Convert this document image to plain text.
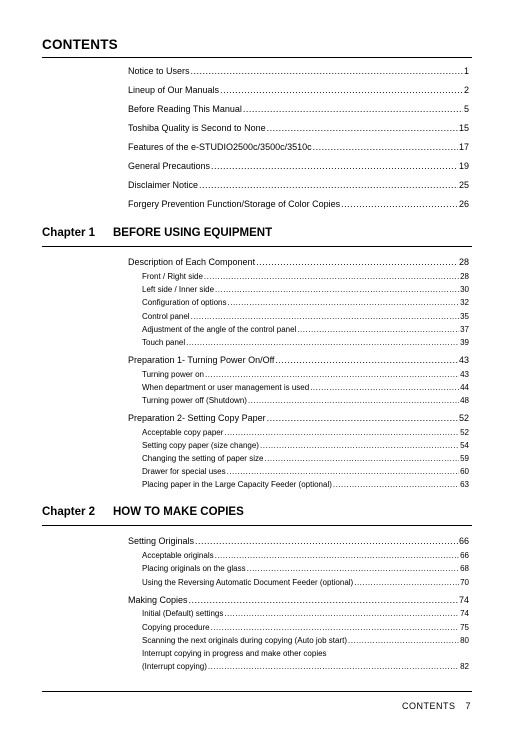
CONTENTS
Notice to Users .....	1
Lineup of Our Manuals .....	2
Before Reading This Manual .....	5
Toshiba Quality is Second to None .....	15
Features of the e-STUDIO2500c/3500c/3510c .....	17
General Precautions .....	19
Disclaimer Notice .....	25
Forgery Prevention Function/Storage of Color Copies .....	26
Chapter 1 BEFORE USING EQUIPMENT
Description of Each Component .....	28
Front / Right side .....	28
Left side / Inner side .....	30
Configuration of options .....	32
Control panel .....	35
Adjustment of the angle of the control panel .....	37
Touch panel .....	39
Preparation 1- Turning Power On/Off .....	43
Turning power on .....	43
When department or user management is used .....	44
Turning power off (Shutdown) .....	48
Preparation 2- Setting Copy Paper .....	52
Acceptable copy paper .....	52
Setting copy paper (size change) .....	54
Changing the setting of paper size .....	59
Drawer for special uses .....	60
Placing paper in the Large Capacity Feeder (optional) .....	63
Chapter 2 HOW TO MAKE COPIES
Setting Originals .....	66
Acceptable originals .....	66
Placing originals on the glass .....	68
Using the Reversing Automatic Document Feeder (optional) .....	70
Making Copies .....	74
Initial (Default) settings .....	74
Copying procedure .....	75
Scanning the next originals during copying (Auto job start) .....	80
Interrupt copying in progress and make other copies
(Interrupt copying) .....	82
CONTENTS 7
